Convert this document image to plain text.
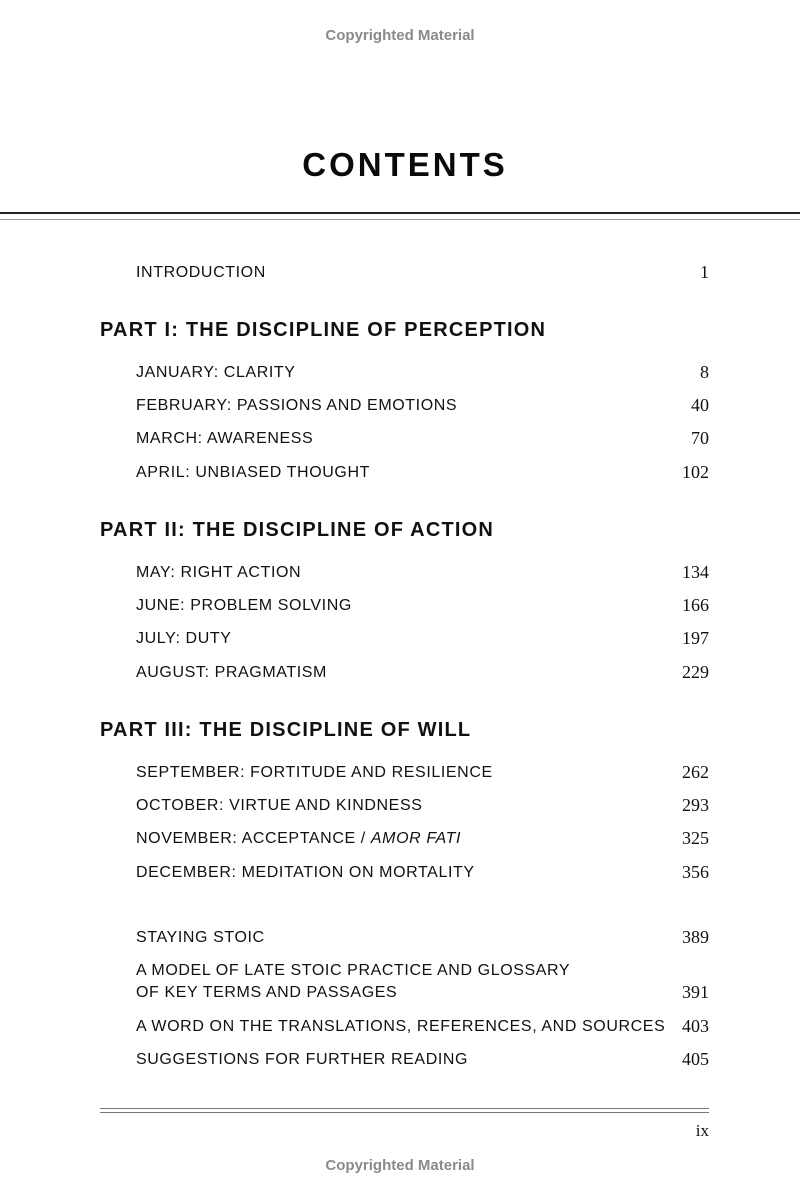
Copyrighted Material
CONTENTS
INTRODUCTION	1
PART I: THE DISCIPLINE OF PERCEPTION
JANUARY: CLARITY	8
FEBRUARY: PASSIONS AND EMOTIONS	40
MARCH: AWARENESS	70
APRIL: UNBIASED THOUGHT	102
PART II: THE DISCIPLINE OF ACTION
MAY: RIGHT ACTION	134
JUNE: PROBLEM SOLVING	166
JULY: DUTY	197
AUGUST: PRAGMATISM	229
PART III: THE DISCIPLINE OF WILL
SEPTEMBER: FORTITUDE AND RESILIENCE	262
OCTOBER: VIRTUE AND KINDNESS	293
NOVEMBER: ACCEPTANCE / AMOR FATI	325
DECEMBER: MEDITATION ON MORTALITY	356
STAYING STOIC	389
A MODEL OF LATE STOIC PRACTICE AND GLOSSARY
OF KEY TERMS AND PASSAGES	391
A WORD ON THE TRANSLATIONS, REFERENCES, AND SOURCES 403
SUGGESTIONS FOR FURTHER READING	405
ix
Copyrighted Material
